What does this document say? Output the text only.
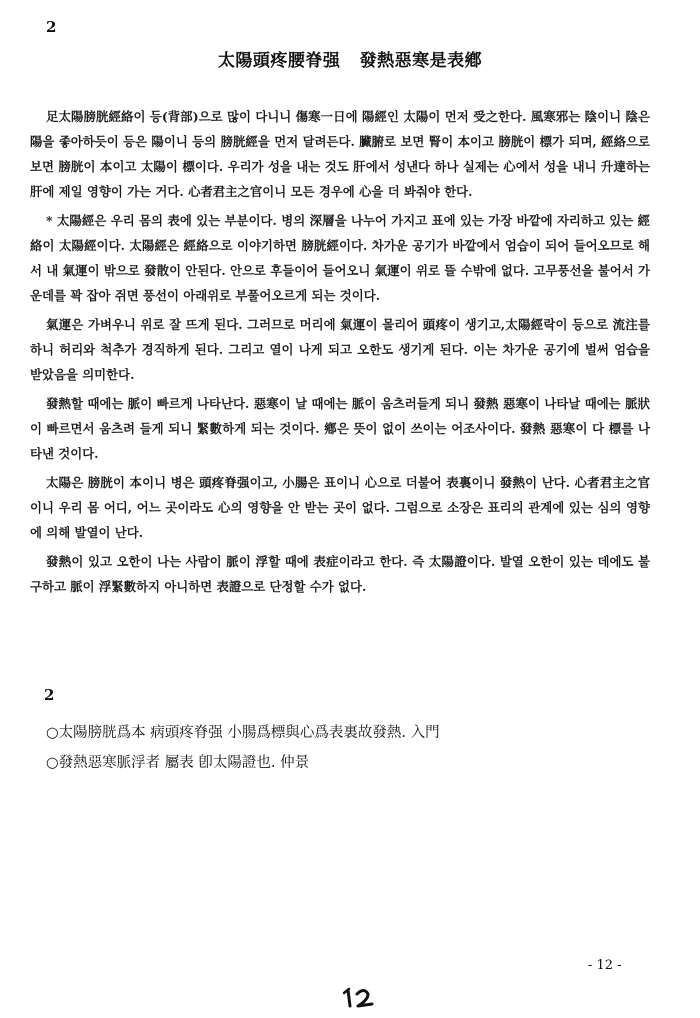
2
太陽頭疼腰脊强   發熱惡寒是表鄕

足太陽膀胱經絡이 등(背部)으로 많이 다니니 傷寒一日에 陽經인 太陽이 먼저 受之한다. 風寒邪는 陰이니 陰은 陽을 좋아하듯이 등은 陽이니 등의 膀胱經을 먼저 달려든다. 臟腑로 보면 腎이 本이고 膀胱이 標가 되며, 經絡으로 보면 膀胱이 本이고 太陽이 標이다. 우리가 성을 내는 것도 肝에서 성낸다 하나 실제는 心에서 성을 내니 升達하는 肝에 제일 영향이 가는 거다. 心者君主之官이니 모든 경우에 心을 더 봐줘야 한다.

* 太陽經은 우리 몸의 表에 있는 부분이다. 병의 深層을 나누어 가지고 표에 있는 가장 바깥에 자리하고 있는 經絡이 太陽經이다. 太陽經은 經絡으로 이야기하면 膀胱經이다. 차가운 공기가 바깥에서 엄습이 되어 들어오므로 해서 내 氣運이 밖으로 發散이 안된다. 안으로 후들이어 들어오니 氣運이 위로 뜰 수밖에 없다. 고무풍선을 불어서 가운데를 꽉 잡아 쥐면 풍선이 아래위로 부풀어오르게 되는 것이다.

氣運은 가벼우니 위로 잘 뜨게 된다. 그러므로 머리에 氣運이 몰리어 頭疼이 생기고,太陽經락이 등으로 流注를 하니 허리와 척추가 경직하게 된다. 그리고 열이 나게 되고 오한도 생기게 된다. 이는 차가운 공기에 벌써 엄습을 받았음을 의미한다.

發熱할 때에는 脈이 빠르게 나타난다. 惡寒이 날 때에는 脈이 움츠러들게 되니 發熱 惡寒이 나타날 때에는 脈狀이 빠르면서 움츠려 들게 되니 緊數하게 되는 것이다. 鄕은 뜻이 없이 쓰이는 어조사이다. 發熱 惡寒이 다 標를 나타낸 것이다.

太陽은 膀胱이 本이니 병은 頭疼脊强이고, 小腸은 표이니 心으로 더불어 表裏이니 發熱이 난다. 心者君主之官이니 우리 몸 어디, 어느 곳이라도 心의 영향을 안 받는 곳이 없다. 그럼으로 소장은 표리의 관계에 있는 심의 영향에 의해 발열이 난다.

發熱이 있고 오한이 나는 사람이 脈이 浮할 때에 表症이라고 한다. 즉 太陽證이다. 발열 오한이 있는 데에도 불구하고 脈이 浮緊數하지 아니하면 表證으로 단정할 수가 없다.

2

○太陽膀胱爲本 病頭疼脊强 小腸爲標與心爲表裏故發熱. 入門

○發熱惡寒脈浮者 屬表 卽太陽證也. 仲景

- 12 -
